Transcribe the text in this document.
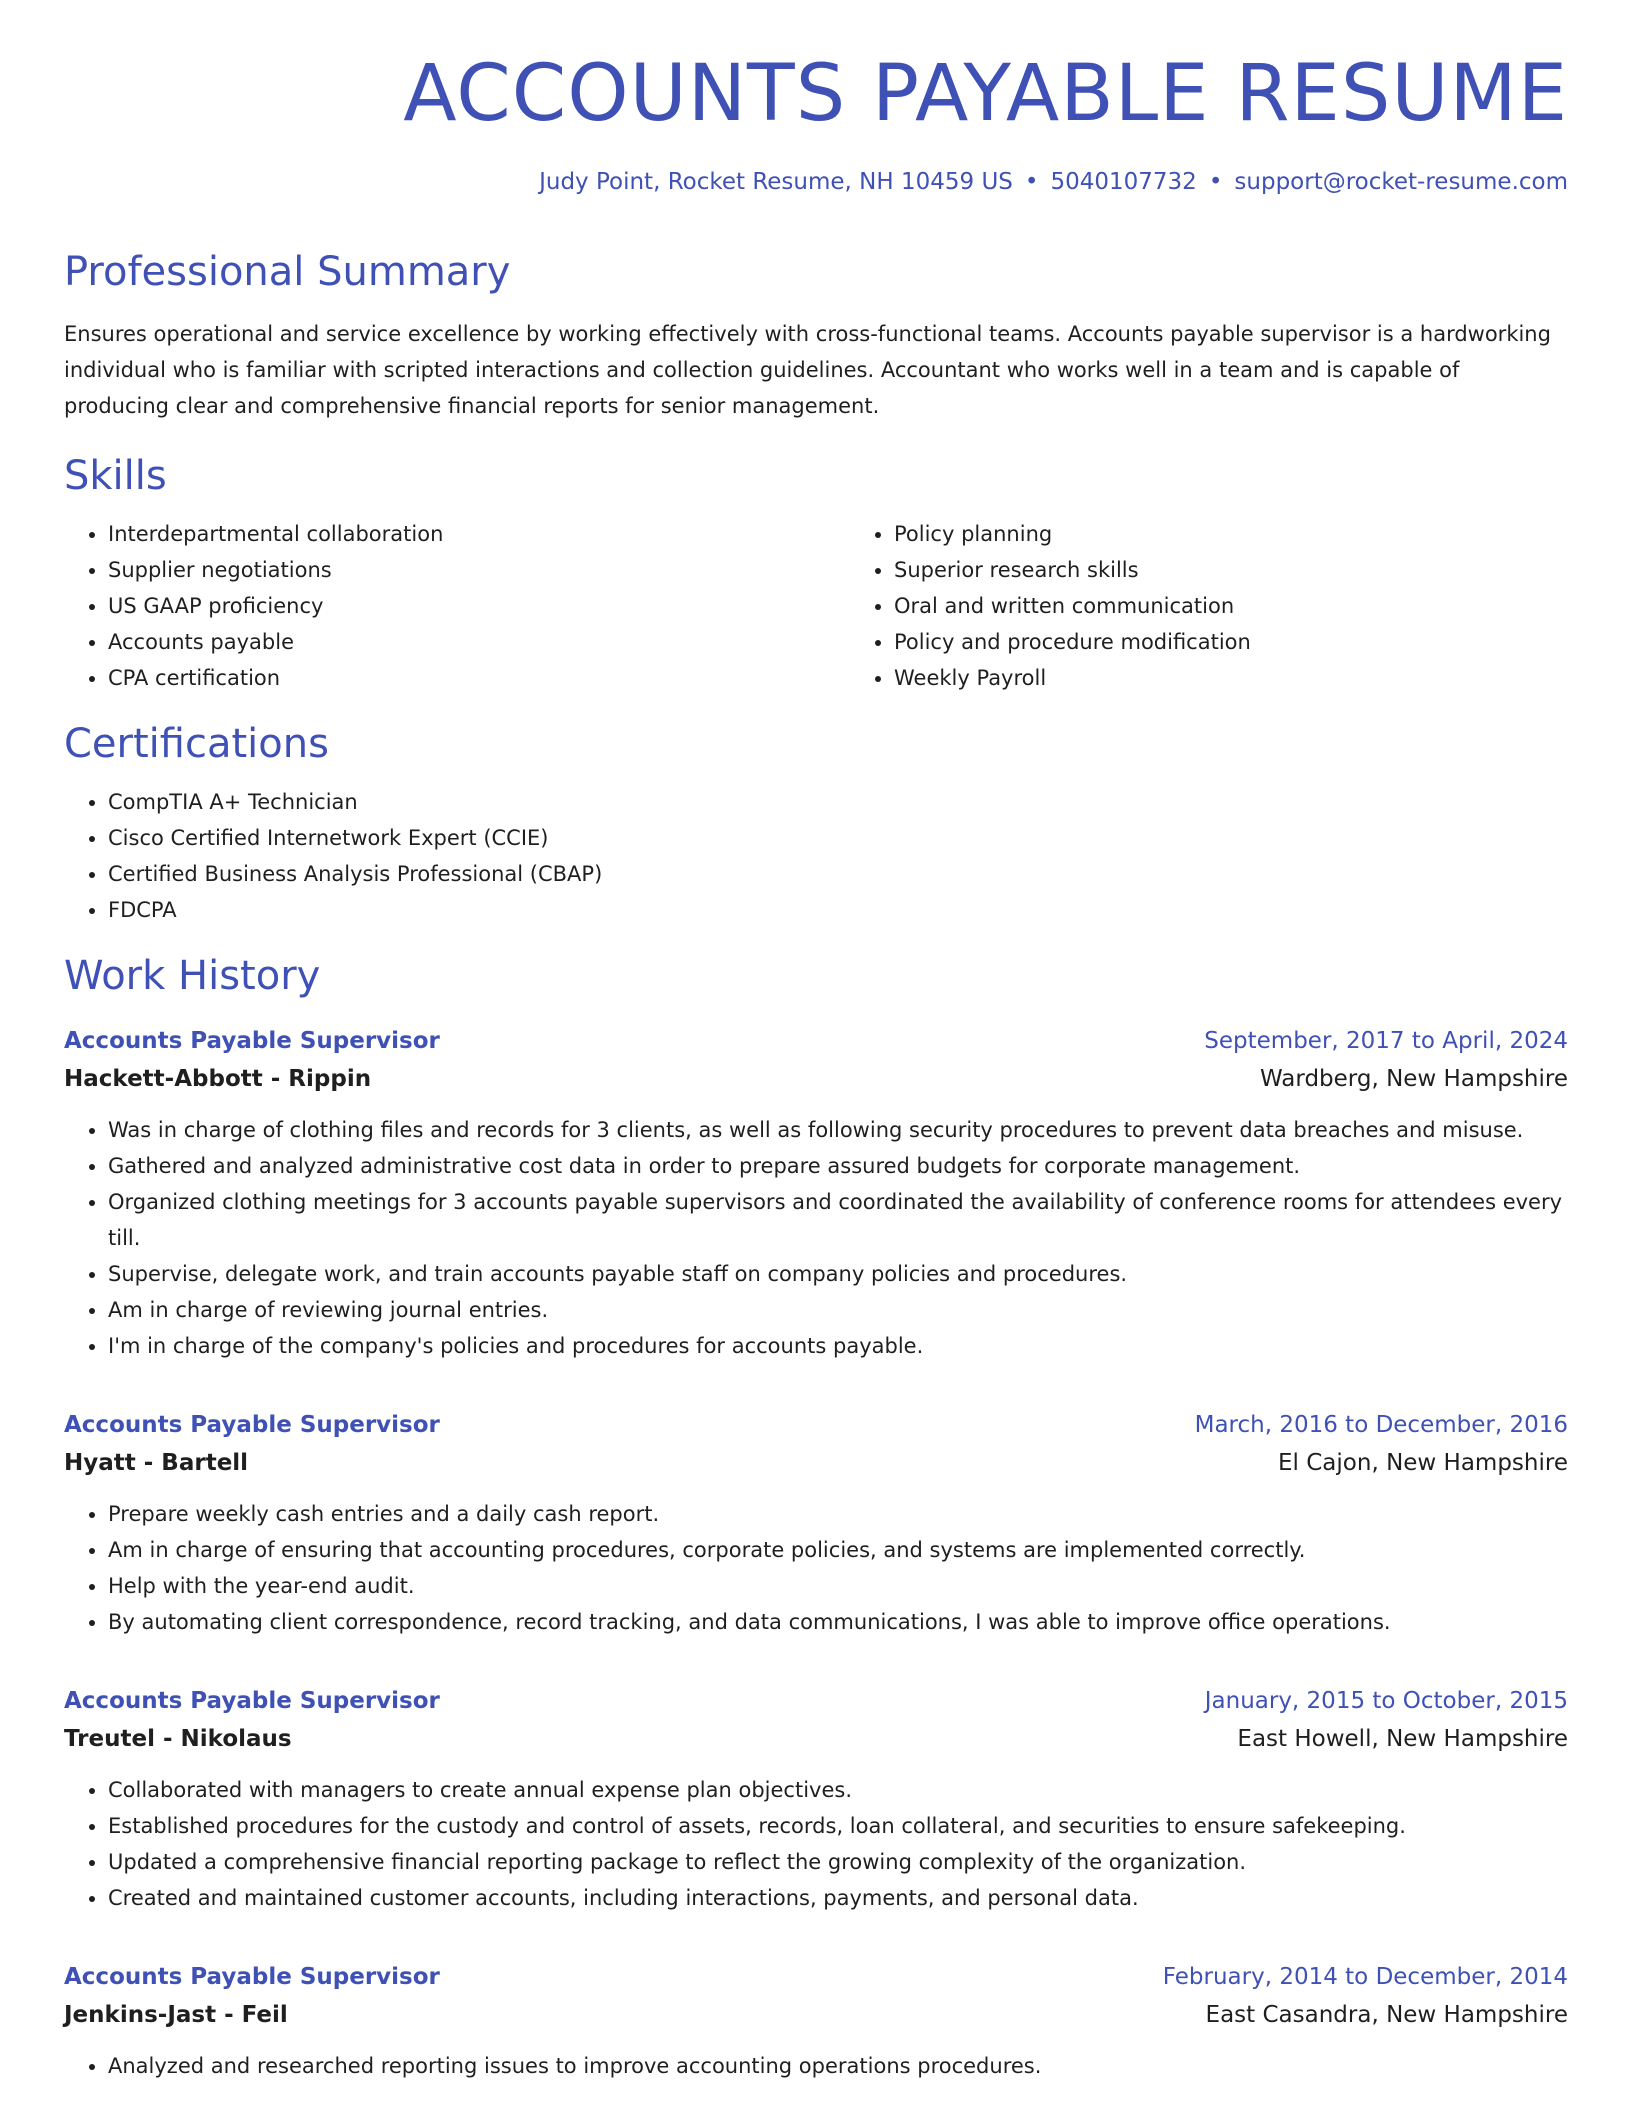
ACCOUNTS PAYABLE RESUME
Judy Point, Rocket Resume, NH 10459 US • 5040107732 • support@rocket-resume.com
Professional Summary
Ensures operational and service excellence by working effectively with cross-functional teams. Accounts payable supervisor is a hardworking individual who is familiar with scripted interactions and collection guidelines. Accountant who works well in a team and is capable of producing clear and comprehensive financial reports for senior management.
Skills
• Interdepartmental collaboration
• Supplier negotiations
• US GAAP proficiency
• Accounts payable
• CPA certification
• Policy planning
• Superior research skills
• Oral and written communication
• Policy and procedure modification
• Weekly Payroll
Certifications
• CompTIA A+ Technician
• Cisco Certified Internetwork Expert (CCIE)
• Certified Business Analysis Professional (CBAP)
• FDCPA
Work History
Accounts Payable Supervisor	September, 2017 to April, 2024
Hackett-Abbott - Rippin	Wardberg, New Hampshire
• Was in charge of clothing files and records for 3 clients, as well as following security procedures to prevent data breaches and misuse.
• Gathered and analyzed administrative cost data in order to prepare assured budgets for corporate management.
• Organized clothing meetings for 3 accounts payable supervisors and coordinated the availability of conference rooms for attendees every till.
• Supervise, delegate work, and train accounts payable staff on company policies and procedures.
• Am in charge of reviewing journal entries.
• I'm in charge of the company's policies and procedures for accounts payable.
Accounts Payable Supervisor	March, 2016 to December, 2016
Hyatt - Bartell	El Cajon, New Hampshire
• Prepare weekly cash entries and a daily cash report.
• Am in charge of ensuring that accounting procedures, corporate policies, and systems are implemented correctly.
• Help with the year-end audit.
• By automating client correspondence, record tracking, and data communications, I was able to improve office operations.
Accounts Payable Supervisor	January, 2015 to October, 2015
Treutel - Nikolaus	East Howell, New Hampshire
• Collaborated with managers to create annual expense plan objectives.
• Established procedures for the custody and control of assets, records, loan collateral, and securities to ensure safekeeping.
• Updated a comprehensive financial reporting package to reflect the growing complexity of the organization.
• Created and maintained customer accounts, including interactions, payments, and personal data.
Accounts Payable Supervisor	February, 2014 to December, 2014
Jenkins-Jast - Feil	East Casandra, New Hampshire
• Analyzed and researched reporting issues to improve accounting operations procedures.
